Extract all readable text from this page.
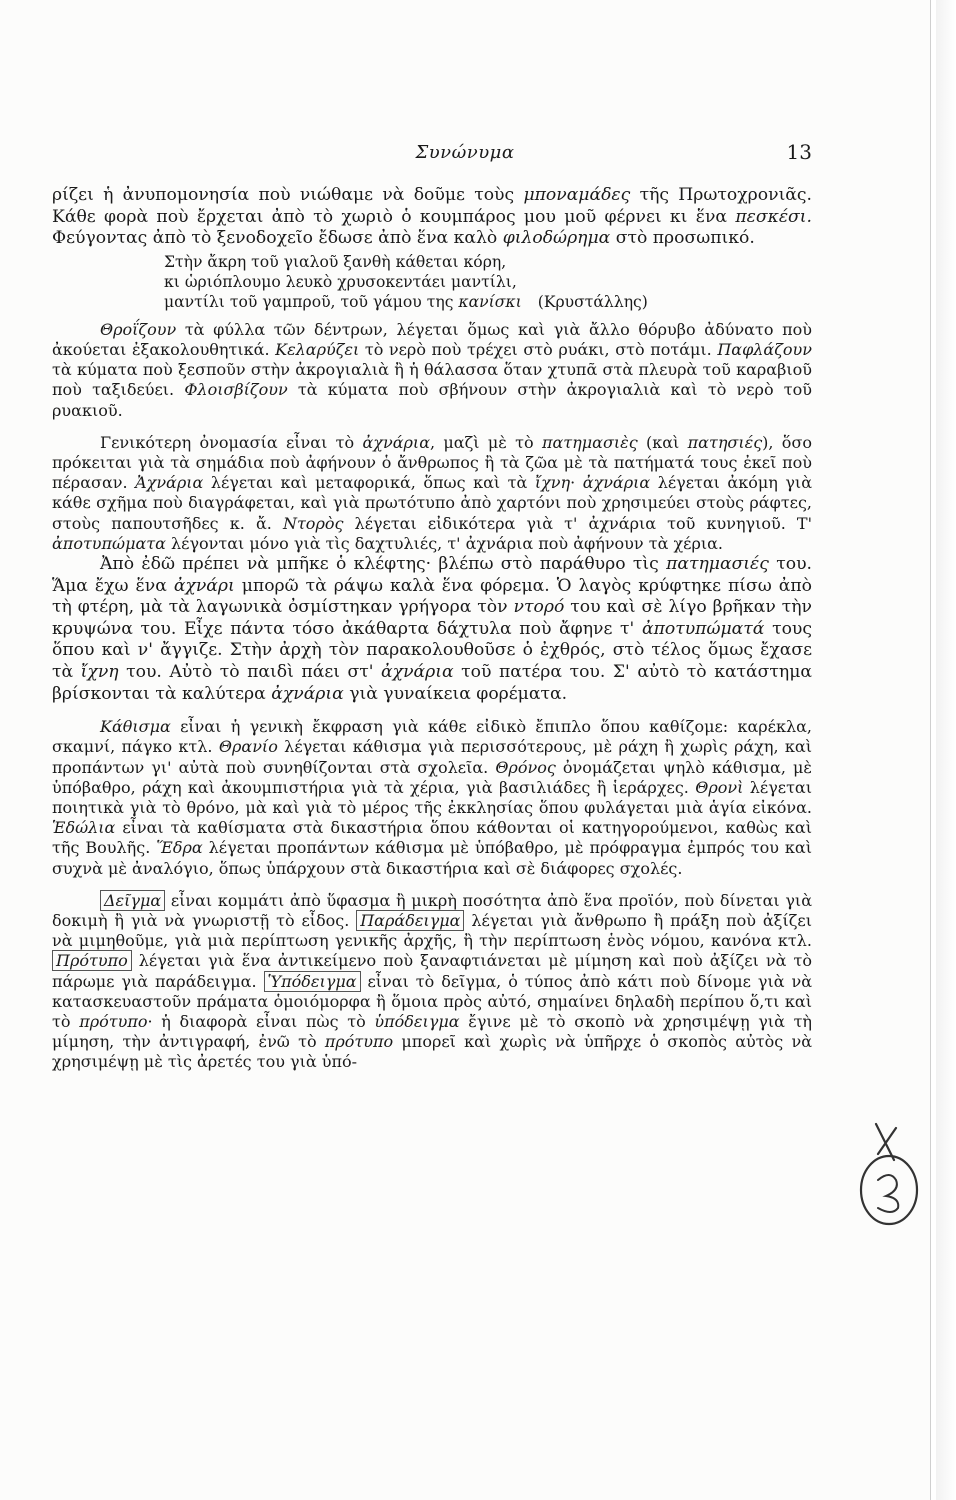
Συνώνυμα	13

ρίζει ἡ ἀνυπομονησία ποὺ νιώθαμε νὰ δοῦμε τοὺς μποναμάδες τῆς Πρωτοχρονιᾶς. Κάθε φορὰ ποὺ ἔρχεται ἀπὸ τὸ χωριὸ ὁ κουμπάρος μου μοῦ φέρνει κι ἕνα πεσκέσι. Φεύγοντας ἀπὸ τὸ ξενοδοχεῖο ἔδωσε ἀπὸ ἕνα καλὸ φιλοδώρημα στὸ προσωπικό.

Στὴν ἄκρη τοῦ γιαλοῦ ξανθὴ κάθεται κόρη,
κι ὡριόπλουμο λευκὸ χρυσοκεντάει μαντίλι,
μαντίλι τοῦ γαμπροῦ, τοῦ γάμου της κανίσκι (Κρυστάλλης)

Θροΐζουν τὰ φύλλα τῶν δέντρων, λέγεται ὅμως καὶ γιὰ ἄλλο θόρυβο ἀδύνατο ποὺ ἀκούεται ἐξακολουθητικά. Κελαρύζει τὸ νερὸ ποὺ τρέχει στὸ ρυάκι, στὸ ποτάμι. Παφλάζουν τὰ κύματα ποὺ ξεσποῦν στὴν ἀκρογιαλιὰ ἢ ἡ θάλασσα ὅταν χτυπᾶ στὰ πλευρὰ τοῦ καραβιοῦ ποὺ ταξιδεύει. Φλοισβίζουν τὰ κύματα ποὺ σβήνουν στὴν ἀκρογιαλιὰ καὶ τὸ νερὸ τοῦ ρυακιοῦ.

Γενικότερη ὀνομασία εἶναι τὸ ἀχνάρια, μαζὶ μὲ τὸ πατημασιὲς (καὶ πατησιές), ὅσο πρόκειται γιὰ τὰ σημάδια ποὺ ἀφήνουν ὁ ἄνθρωπος ἢ τὰ ζῶα μὲ τὰ πατήματά τους ἐκεῖ ποὺ πέρασαν. Ἀχνάρια λέγεται καὶ μεταφορικά, ὅπως καὶ τὰ ἴχνη· ἀχνάρια λέγεται ἀκόμη γιὰ κάθε σχῆμα ποὺ διαγράφεται, καὶ γιὰ πρωτότυπο ἀπὸ χαρτόνι ποὺ χρησιμεύει στοὺς ράφτες, στοὺς παπουτσῆδες κ. ἄ. Ντορὸς λέγεται εἰδικότερα γιὰ τ' ἀχνάρια τοῦ κυνηγιοῦ. Τ' ἀποτυπώματα λέγονται μόνο γιὰ τὶς δαχτυλιές, τ' ἀχνάρια ποὺ ἀφήνουν τὰ χέρια.

Ἀπὸ ἐδῶ πρέπει νὰ μπῆκε ὁ κλέφτης· βλέπω στὸ παράθυρο τὶς πατημασιές του. Ἅμα ἔχω ἕνα ἀχνάρι μπορῶ τὰ ράψω καλὰ ἕνα φόρεμα. Ὁ λαγὸς κρύφτηκε πίσω ἀπὸ τὴ φτέρη, μὰ τὰ λαγωνικὰ ὀσμίστηκαν γρήγορα τὸν ντορό του καὶ σὲ λίγο βρῆκαν τὴν κρυψώνα του. Εἶχε πάντα τόσο ἀκάθαρτα δάχτυλα ποὺ ἄφηνε τ' ἀποτυπώματά τους ὅπου καὶ ν' ἄγγιζε. Στὴν ἀρχὴ τὸν παρακολουθοῦσε ὁ ἐχθρός, στὸ τέλος ὅμως ἔχασε τὰ ἴχνη του. Αὐτὸ τὸ παιδὶ πάει στ' ἀχνάρια τοῦ πατέρα του. Σ' αὐτὸ τὸ κατάστημα βρίσκονται τὰ καλύτερα ἀχνάρια γιὰ γυναίκεια φορέματα.

Κάθισμα εἶναι ἡ γενικὴ ἔκφραση γιὰ κάθε εἰδικὸ ἔπιπλο ὅπου καθίζομε: καρέκλα, σκαμνί, πάγκο κτλ. Θρανίο λέγεται κάθισμα γιὰ περισσότερους, μὲ ράχη ἢ χωρὶς ράχη, καὶ προπάντων γι' αὐτὰ ποὺ συνηθίζονται στὰ σχολεῖα. Θρόνος ὀνομάζεται ψηλὸ κάθισμα, μὲ ὑπόβαθρο, ράχη καὶ ἀκουμπιστήρια γιὰ τὰ χέρια, γιὰ βασιλιάδες ἢ ἱεράρχες. Θρονὶ λέγεται ποιητικὰ γιὰ τὸ θρόνο, μὰ καὶ γιὰ τὸ μέρος τῆς ἐκκλησίας ὅπου φυλάγεται μιὰ ἁγία εἰκόνα. Ἑδώλια εἶναι τὰ καθίσματα στὰ δικαστήρια ὅπου κάθονται οἱ κατηγορούμενοι, καθὼς καὶ τῆς Βουλῆς. Ἕδρα λέγεται προπάντων κάθισμα μὲ ὑπόβαθρο, μὲ πρόφραγμα ἐμπρός του καὶ συχνὰ μὲ ἀναλόγιο, ὅπως ὑπάρχουν στὰ δικαστήρια καὶ σὲ διάφορες σχολές.

Δεῖγμα εἶναι κομμάτι ἀπὸ ὕφασμα ἢ μικρὴ ποσότητα ἀπὸ ἕνα προϊόν, ποὺ δίνεται γιὰ δοκιμὴ ἢ γιὰ νὰ γνωριστῇ τὸ εἶδος. Παράδειγμα λέγεται γιὰ ἄνθρωπο ἢ πράξη ποὺ ἀξίζει νὰ μιμηθοῦμε, γιὰ μιὰ περίπτωση γενικῆς ἀρχῆς, ἢ τὴν περίπτωση ἑνὸς νόμου, κανόνα κτλ. Πρότυπο λέγεται γιὰ ἕνα ἀντικείμενο ποὺ ξαναφτιάνεται μὲ μίμηση καὶ ποὺ ἀξίζει νὰ τὸ πάρωμε γιὰ παράδειγμα. Ὑπόδειγμα εἶναι τὸ δεῖγμα, ὁ τύπος ἀπὸ κάτι ποὺ δίνομε γιὰ νὰ κατασκευαστοῦν πράματα ὁμοιόμορφα ἢ ὅμοια πρὸς αὐτό, σημαίνει δηλαδὴ περίπου ὅ,τι καὶ τὸ πρότυπο· ἡ διαφορὰ εἶναι πὼς τὸ ὑπόδειγμα ἔγινε μὲ τὸ σκοπὸ νὰ χρησιμέψῃ γιὰ τὴ μίμηση, τὴν ἀντιγραφή, ἐνῶ τὸ πρότυπο μπορεῖ καὶ χωρὶς νὰ ὑπῆρχε ὁ σκοπὸς αὐτὸς νὰ χρησιμέψῃ μὲ τὶς ἀρετές του γιὰ ὑπό-
